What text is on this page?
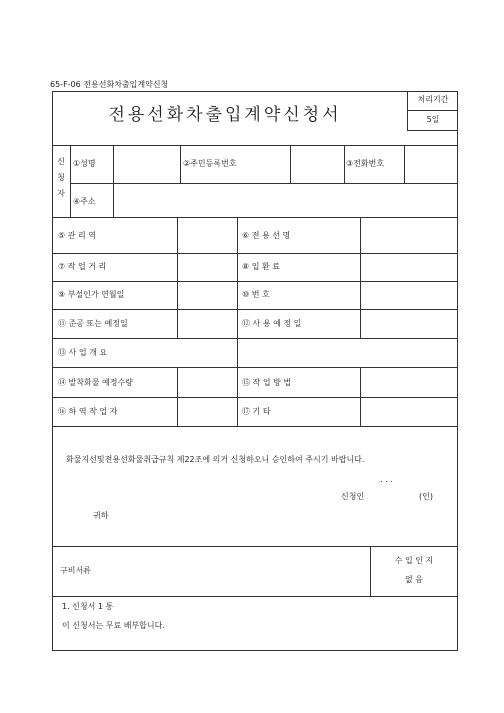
65-F-06 전용선화차출입계약신청
전용선화차출입계약신청서
처리기간
5일
신
청
자
①성명	②주민등록번호	③전화번호
④주소
⑤ 관 리 역	⑥ 전 용 선 명
⑦ 작 업 거 리	⑧ 입 환 료
⑨ 부설인가 연월일	⑩ 번 호
⑪ 준공 또는 예정일	⑫ 사 용 예 정 일
⑬ 사 업 개 요
⑭ 발착화물 예정수량	⑮ 작 업 방 법
⑯ 하 역 작 업 자	⑰ 기 타
화물지선및전용선화물취급규칙 제22조에 의거 신청하오니 승인하여 주시기 바랍니다.
. . .
신청인	(인)
귀하
구비서류
수 입 인 지
없 음
1. 신청서 1 통
이 신청서는 무료 배부합니다.
